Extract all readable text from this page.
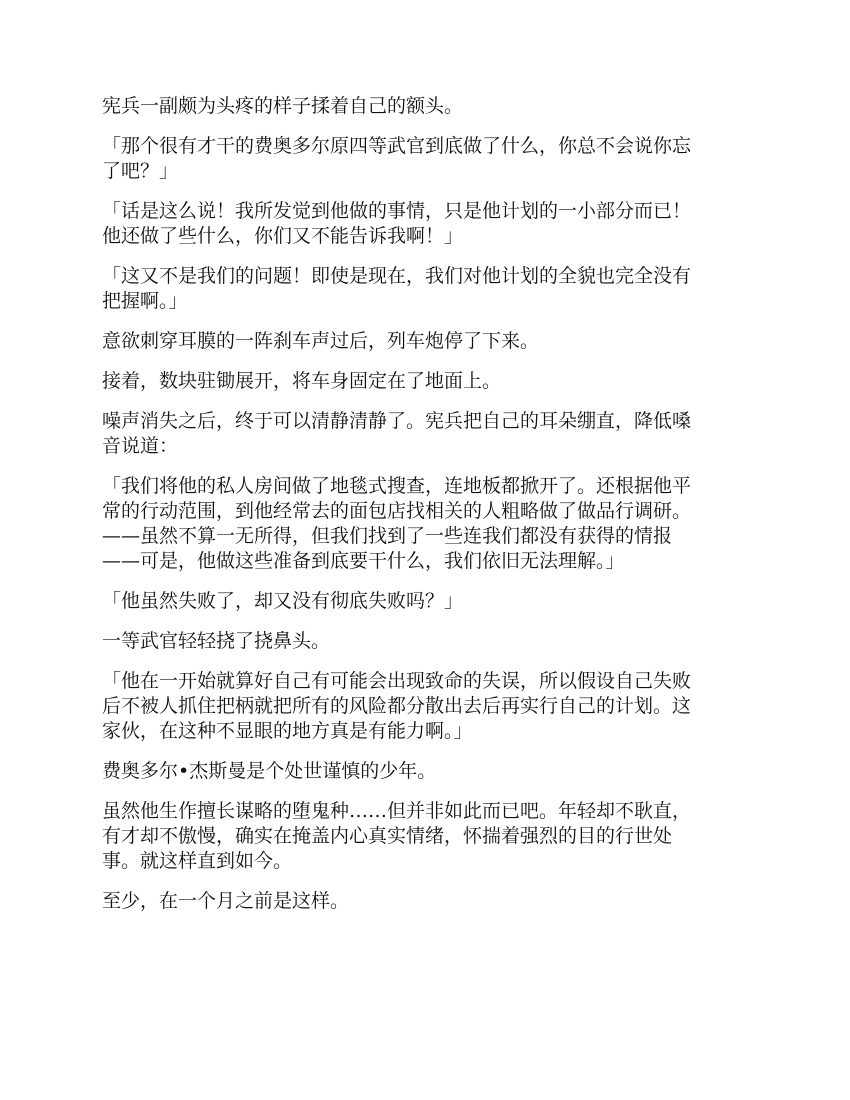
宪兵一副颇为头疼的样子揉着自己的额头。

「那个很有才干的费奥多尔原四等武官到底做了什么，你总不会说你忘
了吧？」

「话是这么说！我所发觉到他做的事情，只是他计划的一小部分而已！
他还做了些什么，你们又不能告诉我啊！」

「这又不是我们的问题！即使是现在，我们对他计划的全貌也完全没有
把握啊。」

意欲刺穿耳膜的一阵刹车声过后，列车炮停了下来。

接着，数块驻锄展开，将车身固定在了地面上。

噪声消失之后，终于可以清静清静了。宪兵把自己的耳朵绷直，降低嗓
音说道：

「我们将他的私人房间做了地毯式搜查，连地板都掀开了。还根据他平
常的行动范围，到他经常去的面包店找相关的人粗略做了做品行调研。
——虽然不算一无所得，但我们找到了一些连我们都没有获得的情报
——可是，他做这些准备到底要干什么，我们依旧无法理解。」

「他虽然失败了，却又没有彻底失败吗？」

一等武官轻轻挠了挠鼻头。

「他在一开始就算好自己有可能会出现致命的失误，所以假设自己失败
后不被人抓住把柄就把所有的风险都分散出去后再实行自己的计划。这
家伙，在这种不显眼的地方真是有能力啊。」

费奥多尔•杰斯曼是个处世谨慎的少年。

虽然他生作擅长谋略的堕鬼种……但并非如此而已吧。年轻却不耿直，
有才却不傲慢，确实在掩盖内心真实情绪，怀揣着强烈的目的行世处
事。就这样直到如今。

至少，在一个月之前是这样。
